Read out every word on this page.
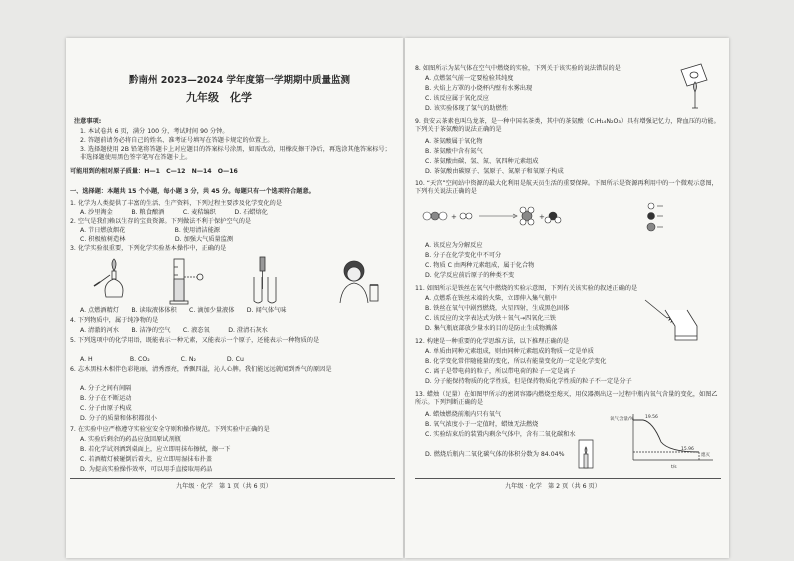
黔南州 2023—2024 学年度第一学期期中质量监测
九年级　化学
注意事项:
1. 本试卷共 6 页，满分 100 分，考试时间 90 分钟。
2. 答题前请务必将自己的姓名、准考证号填写在答题卡规定的位置上。
3. 选择题使用 2B 铅笔将答题卡上对应题目的答案标号涂黑，如需改动，用橡皮擦干净后，再选涂其他答案标号；非选择题使用黑色签字笔写在答题卡上。
可能用到的相对原子质量：H—1　C—12　N—14　O—16
一、选择题：本题共 15 个小题，每小题 3 分，共 45 分。每题只有一个选项符合题意。
1. 化学为人类提供了丰富的生活、生产资料，下列过程主要涉及化学变化的是
A. 沙里淘金　　　B. 粮食酿酒　　　C. 麦秸编织　　　D. 石蜡熔化
2. 空气是我们赖以生存的宝贵资源。下列做法不利于保护空气的是
A. 节日燃放烟花　　　　　　　　B. 使用清洁能源
C. 积极植树造林　　　　　　　　D. 加强大气质量监测
3. 化学实验很重要，下列化学实验基本操作中，正确的是
A. 点燃酒精灯　　B. 读取液体体积　　C. 滴加少量液体　　D. 闻气体气味
4. 下列物质中，属于纯净物的是
A. 清澈的河水　　B. 洁净的空气　　C. 液态氧　　　D. 澄清石灰水
5. 下列选项中的化学用语，既能表示一种元素，又能表示一个原子，还能表示一种物质的是
A. H　　　　　　B. CO₂　　　　　C. N₂　　　　　D. Cu
6. 志木黑桂木相伴色彩艳丽，清秀漂亮，香飘四溢，沁人心脾。我们能远远就闻到香气的原因是
A. 分子之间有间隔
B. 分子在不断运动
C. 分子由原子构成
D. 分子的质量和体积都很小
7. 在实验中应严格遵守实验室安全守则和操作规范。下列实验中正确的是
A. 实验后剩余的药品应放回原试剂瓶
B. 若化学试剂洒到桌面上，应立即用抹布擦拭，擦一下
C. 若酒精灯被碰倒后着火，应立即用湿抹布扑盖
D. 为提高实验操作效率，可以用手直接取用药品
九年级 · 化学　第 1 页（共 6 页）
8. 如图所示为某气体在空气中燃烧的实验，下列关于该实验的说法错误的是
A. 点燃氢气前一定要检验其纯度
B. 火焰上方罩的小烧杯内壁有水雾出现
C. 该反应属于氧化反应
D. 该实验体现了氢气的助燃性
9. 贵安云茶素也叫乌龙茶，是一种中国名茶类，其中的茶氨酸（C₇H₁₄N₂O₃）具有增强记忆力，降血压的功能。下列关于茶氨酸的说法正确的是
A. 茶氨酸属于氧化物
B. 茶氨酸中含有氮气
C. 茶氨酸由碳、氢、氮、氧四种元素组成
D. 茶氨酸由碳原子、氢原子、氮原子和氧原子构成
10. “天宫”空间站中资源的最大化利用是航天员生活的重要保障。下图所示是资源再利用中的一个微观示意图，下列有关说法正确的是
+	+
A. 该反应为分解反应
B. 分子在化学变化中不可分
C. 物质 C 由两种元素组成，属于化合物
D. 化学反应前后原子的种类不变
11. 如图所示是铁丝在氧气中燃烧的实验示意图，下列有关该实验的叙述正确的是
A. 点燃系在铁丝末端的火柴，立即伸入集气瓶中
B. 铁丝在氧气中剧烈燃烧，火星四射，生成黑色固体
C. 该反应的文字表达式为铁＋氧气→四氧化三铁
D. 集气瓶底部放少量水的目的是防止生成物溅落
12. 构建是一种重要的化学思维方法，以下推理正确的是
A. 单质由同种元素组成，则由同种元素组成的物质一定是单质
B. 化学变化常伴随能量的变化，所以有能量变化的一定是化学变化
C. 离子是带电荷的粒子，所以带电荷的粒子一定是离子
D. 分子能保持物质的化学性质，但是保持物质化学性质的粒子不一定是分子
13. 蜡烛（足量）在如图甲所示的密闭容器内燃烧至熄灭，用仪器测出这一过程中瓶内氧气含量的变化，如图乙所示。下列判断正确的是
A. 蜡烛燃烧前瓶内只有氧气
B. 氧气浓度小于一定值时，蜡烛无法燃烧
C. 实验结束后的装置内剩余气体中，含有二氧化碳和水
D. 燃烧后瓶内二氧化碳气体的体积分数为 84.04%
氧气含量/% 19.56
15.96
熄灭
t/s
九年级 · 化学　第 2 页（共 6 页）
